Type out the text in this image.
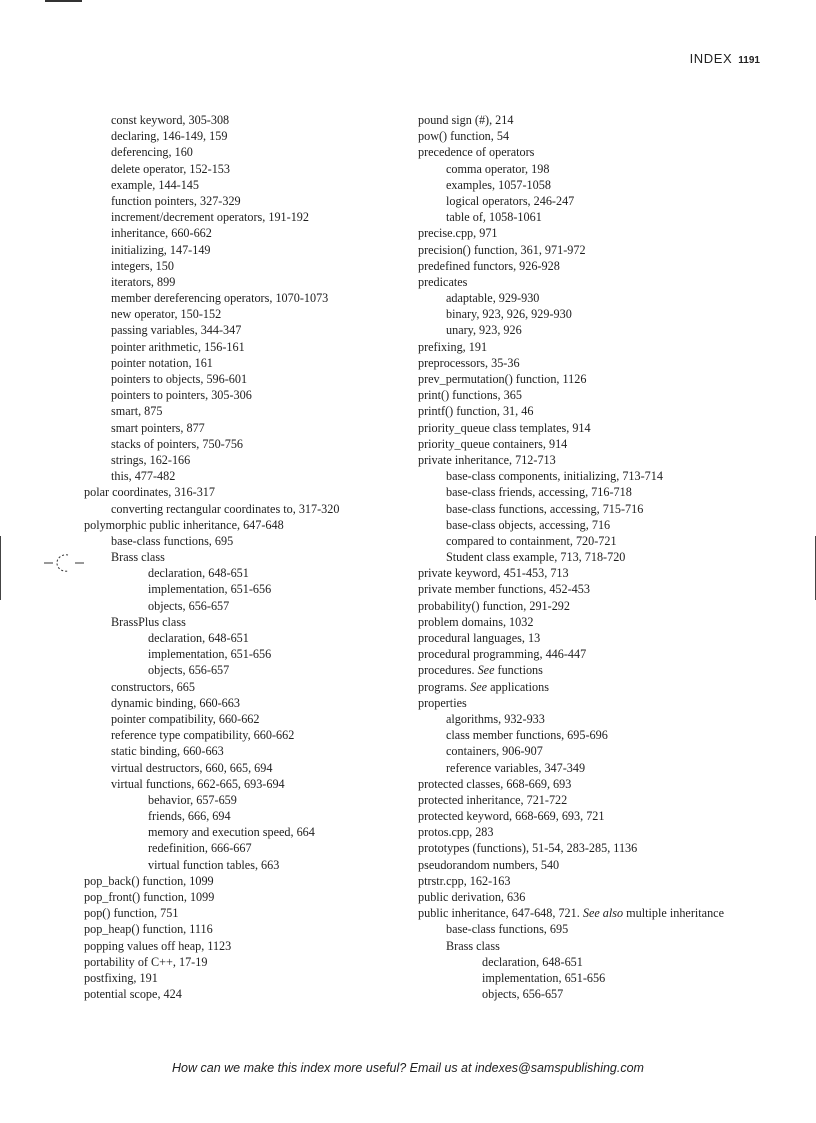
INDEX 1191
const keyword, 305-308
declaring, 146-149, 159
deferencing, 160
delete operator, 152-153
example, 144-145
function pointers, 327-329
increment/decrement operators, 191-192
inheritance, 660-662
initializing, 147-149
integers, 150
iterators, 899
member dereferencing operators, 1070-1073
new operator, 150-152
passing variables, 344-347
pointer arithmetic, 156-161
pointer notation, 161
pointers to objects, 596-601
pointers to pointers, 305-306
smart, 875
smart pointers, 877
stacks of pointers, 750-756
strings, 162-166
this, 477-482
polar coordinates, 316-317
converting rectangular coordinates to, 317-320
polymorphic public inheritance, 647-648
base-class functions, 695
Brass class
declaration, 648-651
implementation, 651-656
objects, 656-657
BrassPlus class
declaration, 648-651
implementation, 651-656
objects, 656-657
constructors, 665
dynamic binding, 660-663
pointer compatibility, 660-662
reference type compatibility, 660-662
static binding, 660-663
virtual destructors, 660, 665, 694
virtual functions, 662-665, 693-694
behavior, 657-659
friends, 666, 694
memory and execution speed, 664
redefinition, 666-667
virtual function tables, 663
pop_back() function, 1099
pop_front() function, 1099
pop() function, 751
pop_heap() function, 1116
popping values off heap, 1123
portability of C++, 17-19
postfixing, 191
potential scope, 424
pound sign (#), 214
pow() function, 54
precedence of operators
comma operator, 198
examples, 1057-1058
logical operators, 246-247
table of, 1058-1061
precise.cpp, 971
precision() function, 361, 971-972
predefined functors, 926-928
predicates
adaptable, 929-930
binary, 923, 926, 929-930
unary, 923, 926
prefixing, 191
preprocessors, 35-36
prev_permutation() function, 1126
print() functions, 365
printf() function, 31, 46
priority_queue class templates, 914
priority_queue containers, 914
private inheritance, 712-713
base-class components, initializing, 713-714
base-class friends, accessing, 716-718
base-class functions, accessing, 715-716
base-class objects, accessing, 716
compared to containment, 720-721
Student class example, 713, 718-720
private keyword, 451-453, 713
private member functions, 452-453
probability() function, 291-292
problem domains, 1032
procedural languages, 13
procedural programming, 446-447
procedures. See functions
programs. See applications
properties
algorithms, 932-933
class member functions, 695-696
containers, 906-907
reference variables, 347-349
protected classes, 668-669, 693
protected inheritance, 721-722
protected keyword, 668-669, 693, 721
protos.cpp, 283
prototypes (functions), 51-54, 283-285, 1136
pseudorandom numbers, 540
ptrstr.cpp, 162-163
public derivation, 636
public inheritance, 647-648, 721. See also multiple inheritance
base-class functions, 695
Brass class
declaration, 648-651
implementation, 651-656
objects, 656-657
How can we make this index more useful? Email us at indexes@samspublishing.com
